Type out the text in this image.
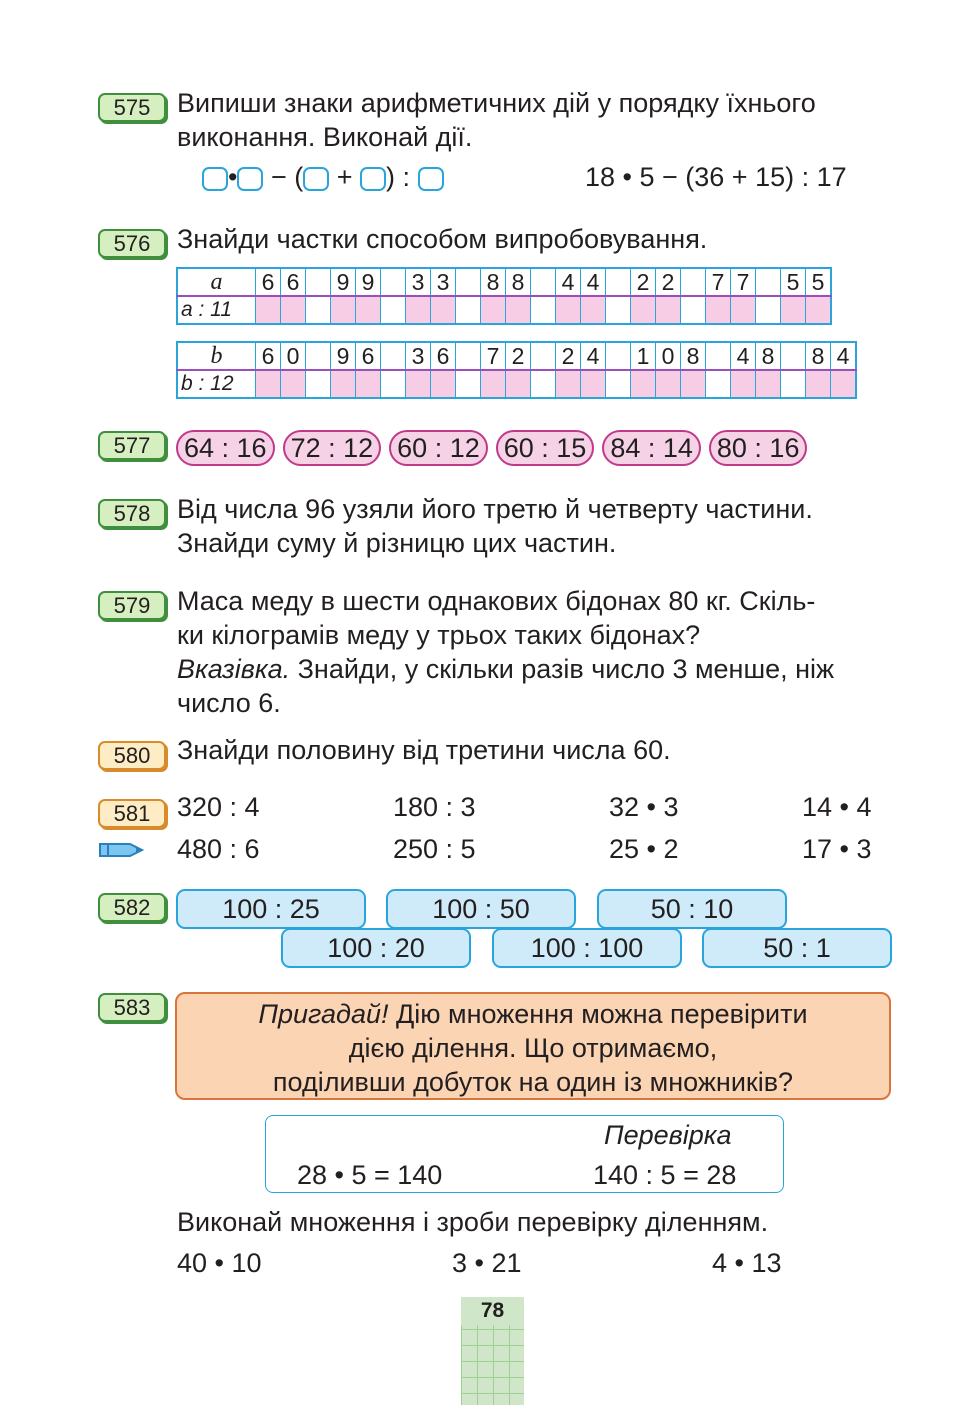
575 Випиши знаки арифметичних дій у порядку їхнього
виконання. Виконай дії.
• − ( + ) :	18 • 5 − (36 + 15) : 17
576 Знайди частки способом випробовування.
a	6	6		9	9		3	3		8	8		4	4		2	2		7	7		5	5
a : 11																							
b	6	0		9	6		3	6		7	2		2	4		1	0	8		4	8		8	4
b : 12																								
577	64 : 16 72 : 12 60 : 12 60 : 15 84 : 14 80 : 16
578 Від числа 96 узяли його третю й четверту частини.
Знайди суму й різницю цих частин.
579 Маса меду в шести однакових бідонах 80 кг. Скіль-
ки кілограмів меду у трьох таких бідонах?
Вказівка. Знайди, у скільки разів число 3 менше, ніж
число 6.
580 Знайди половину від третини числа 60.
581 320 : 4	180 : 3	32 • 3	14 • 4
480 : 6	250 : 5	25 • 2	17 • 3
582	100 : 25	100 : 50	50 : 10
100 : 20	100 : 100	50 : 1
583	Пригадай! Дію множення можна перевірити
дією ділення. Що отримаємо,
поділивши добуток на один із множників?
Перевірка
28 • 5 = 140	140 : 5 = 28
Виконай множення і зроби перевірку діленням.
40 • 10	3 • 21	4 • 13
78
